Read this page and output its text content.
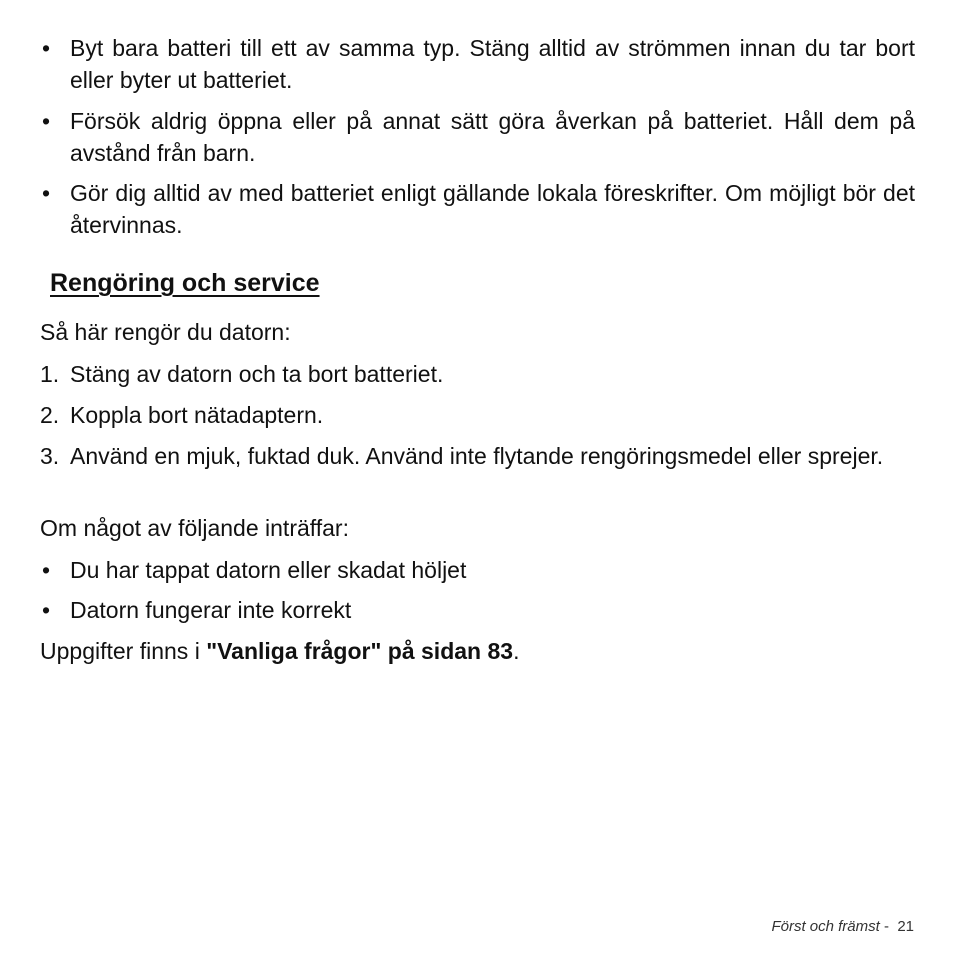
• Byt bara batteri till ett av samma typ. Stäng alltid av strömmen innan du tar bort eller byter ut batteriet.
• Försök aldrig öppna eller på annat sätt göra åverkan på batteriet. Håll dem på avstånd från barn.
• Gör dig alltid av med batteriet enligt gällande lokala föreskrifter. Om möjligt bör det återvinnas.
Rengöring och service

Så här rengör du datorn:

1. Stäng av datorn och ta bort batteriet.
2. Koppla bort nätadaptern.
3. Använd en mjuk, fuktad duk. Använd inte flytande rengöringsmedel eller sprejer.

Om något av följande inträffar:

• Du har tappat datorn eller skadat höljet
• Datorn fungerar inte korrekt

Uppgifter finns i "Vanliga frågor" på sidan 83.

Först och främst -  21
